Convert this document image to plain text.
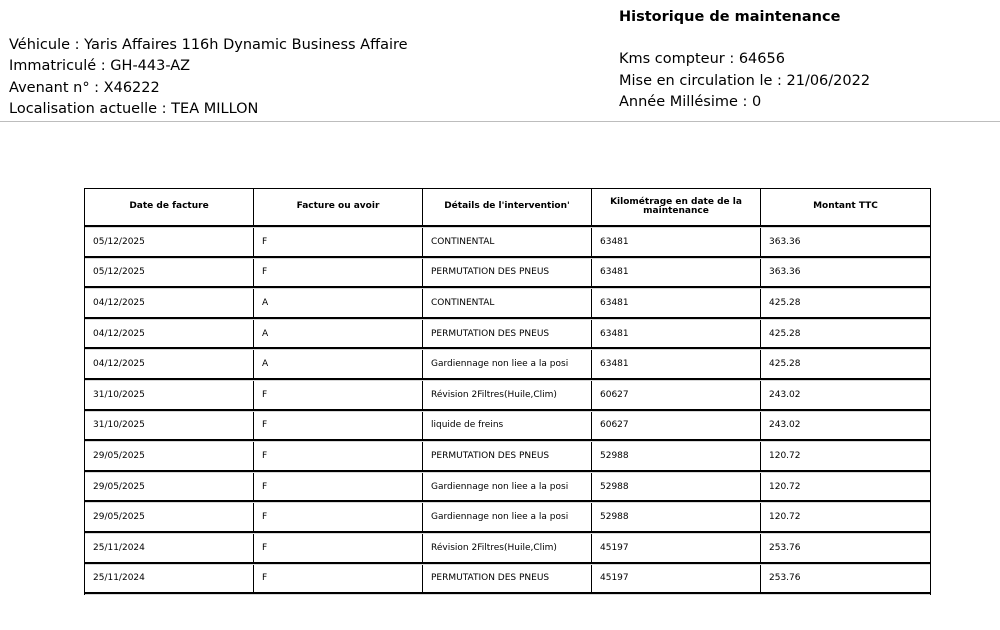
Véhicule : Yaris Affaires 116h Dynamic Business Affaire
Immatriculé : GH-443-AZ
Avenant n° : X46222
Localisation actuelle : TEA MILLON
Historique de maintenance
Kms compteur : 64656
Mise en circulation le : 21/06/2022
Année Millésime : 0
Date de facture	Facture ou avoir	Détails de l'intervention'	Kilométrage en date de la maintenance	Montant TTC
05/12/2025	F	CONTINENTAL	63481	363.36
05/12/2025	F	PERMUTATION DES PNEUS	63481	363.36
04/12/2025	A	CONTINENTAL	63481	425.28
04/12/2025	A	PERMUTATION DES PNEUS	63481	425.28
04/12/2025	A	Gardiennage non liee a la posi	63481	425.28
31/10/2025	F	Révision 2Filtres(Huile,Clim)	60627	243.02
31/10/2025	F	liquide de freins	60627	243.02
29/05/2025	F	PERMUTATION DES PNEUS	52988	120.72
29/05/2025	F	Gardiennage non liee a la posi	52988	120.72
29/05/2025	F	Gardiennage non liee a la posi	52988	120.72
25/11/2024	F	Révision 2Filtres(Huile,Clim)	45197	253.76
25/11/2024	F	PERMUTATION DES PNEUS	45197	253.76
